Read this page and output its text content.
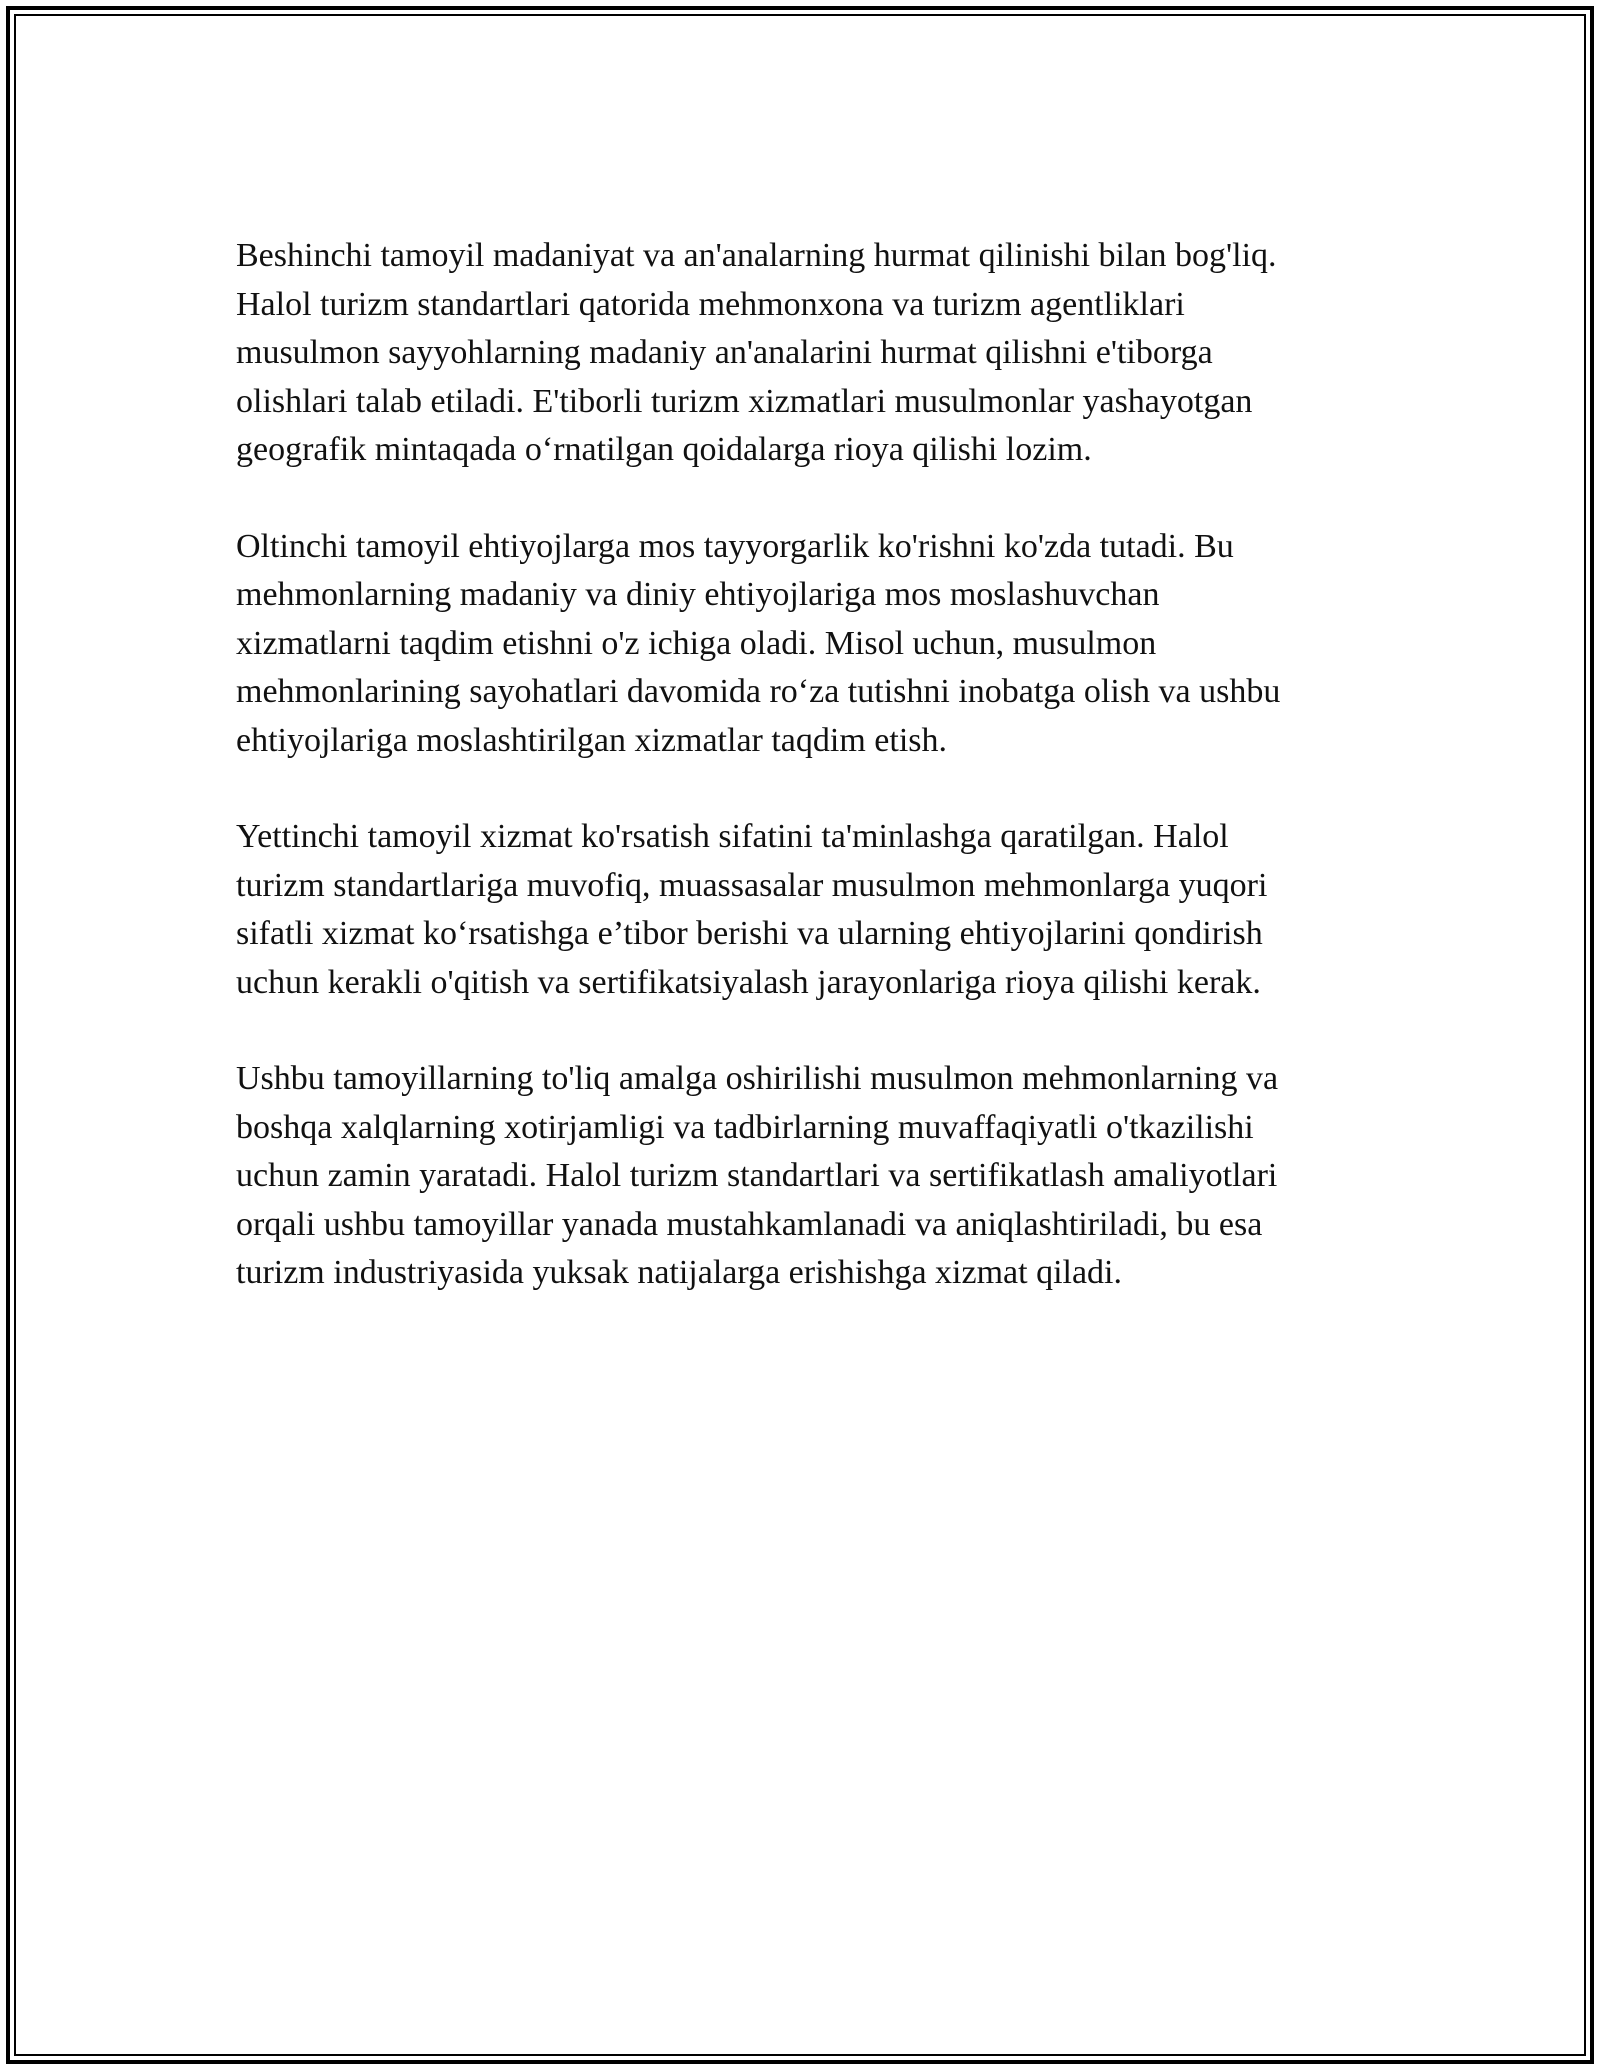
Beshinchi tamoyil madaniyat va an'analarning hurmat qilinishi bilan bog'liq.
Halol turizm standartlari qatorida mehmonxona va turizm agentliklari
musulmon sayyohlarning madaniy an'analarini hurmat qilishni e'tiborga
olishlari talab etiladi. E'tiborli turizm xizmatlari musulmonlar yashayotgan
geografik mintaqada o‘rnatilgan qoidalarga rioya qilishi lozim.

Oltinchi tamoyil ehtiyojlarga mos tayyorgarlik ko'rishni ko'zda tutadi. Bu
mehmonlarning madaniy va diniy ehtiyojlariga mos moslashuvchan
xizmatlarni taqdim etishni o'z ichiga oladi. Misol uchun, musulmon
mehmonlarining sayohatlari davomida ro‘za tutishni inobatga olish va ushbu
ehtiyojlariga moslashtirilgan xizmatlar taqdim etish.

Yettinchi tamoyil xizmat ko'rsatish sifatini ta'minlashga qaratilgan. Halol
turizm standartlariga muvofiq, muassasalar musulmon mehmonlarga yuqori
sifatli xizmat ko‘rsatishga e’tibor berishi va ularning ehtiyojlarini qondirish
uchun kerakli o'qitish va sertifikatsiyalash jarayonlariga rioya qilishi kerak.

Ushbu tamoyillarning to'liq amalga oshirilishi musulmon mehmonlarning va
boshqa xalqlarning xotirjamligi va tadbirlarning muvaffaqiyatli o'tkazilishi
uchun zamin yaratadi. Halol turizm standartlari va sertifikatlash amaliyotlari
orqali ushbu tamoyillar yanada mustahkamlanadi va aniqlashtiriladi, bu esa
turizm industriyasida yuksak natijalarga erishishga xizmat qiladi.
